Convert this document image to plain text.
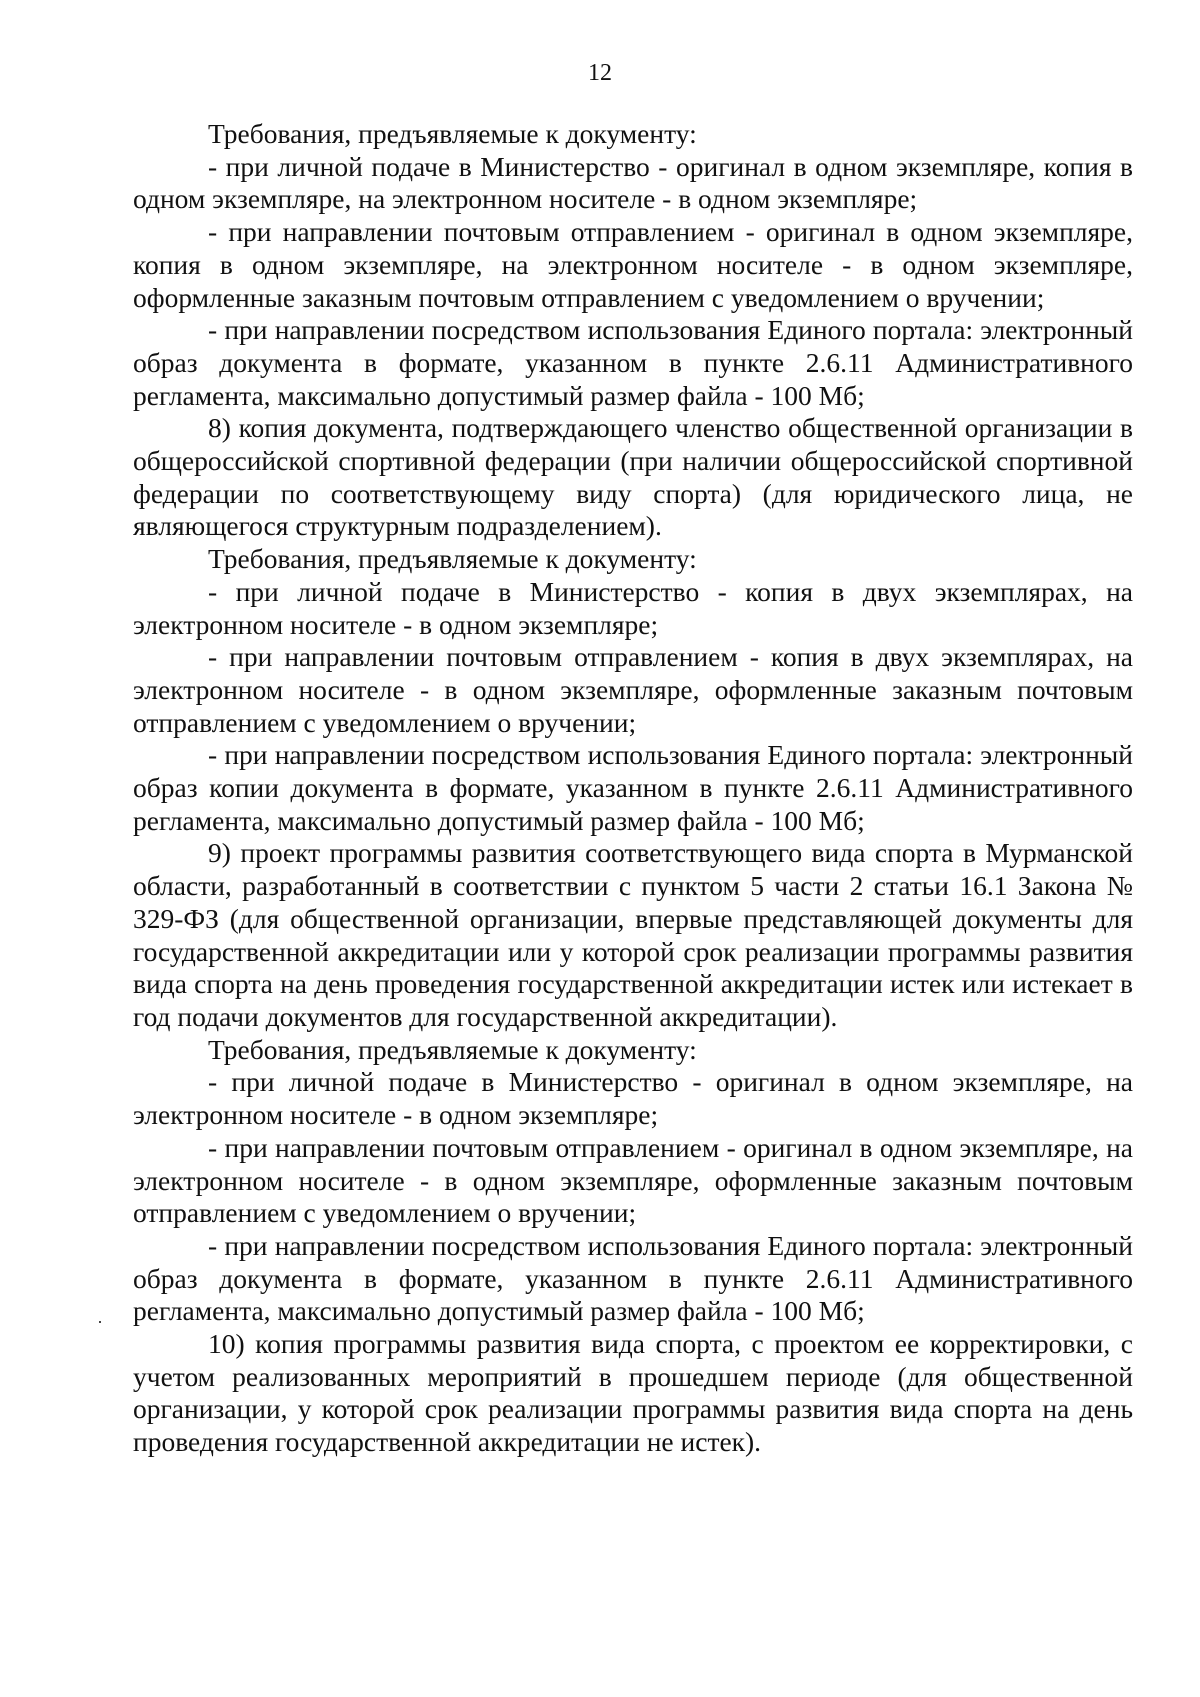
12

Требования, предъявляемые к документу:

- при личной подаче в Министерство - оригинал в одном экземпляре, копия в одном экземпляре, на электронном носителе - в одном экземпляре;

- при направлении почтовым отправлением - оригинал в одном экземпляре, копия в одном экземпляре, на электронном носителе - в одном экземпляре, оформленные заказным почтовым отправлением с уведомлением о вручении;

- при направлении посредством использования Единого портала: электронный образ документа в формате, указанном в пункте 2.6.11 Административного регламента, максимально допустимый размер файла - 100 Мб;

8) копия документа, подтверждающего членство общественной организации в общероссийской спортивной федерации (при наличии общероссийской спортивной федерации по соответствующему виду спорта) (для юридического лица, не являющегося структурным подразделением).

Требования, предъявляемые к документу:

- при личной подаче в Министерство - копия в двух экземплярах, на электронном носителе - в одном экземпляре;

- при направлении почтовым отправлением - копия в двух экземплярах, на электронном носителе - в одном экземпляре, оформленные заказным почтовым отправлением с уведомлением о вручении;

- при направлении посредством использования Единого портала: электронный образ копии документа в формате, указанном в пункте 2.6.11 Административного регламента, максимально допустимый размер файла - 100 Мб;

9) проект программы развития соответствующего вида спорта в Мурманской области, разработанный в соответствии с пунктом 5 части 2 статьи 16.1 Закона № 329-ФЗ (для общественной организации, впервые представляющей документы для государственной аккредитации или у которой срок реализации программы развития вида спорта на день проведения государственной аккредитации истек или истекает в год подачи документов для государственной аккредитации).

Требования, предъявляемые к документу:

- при личной подаче в Министерство - оригинал в одном экземпляре, на электронном носителе - в одном экземпляре;

- при направлении почтовым отправлением - оригинал в одном экземпляре, на электронном носителе - в одном экземпляре, оформленные заказным почтовым отправлением с уведомлением о вручении;

- при направлении посредством использования Единого портала: электронный образ документа в формате, указанном в пункте 2.6.11 Административного регламента, максимально допустимый размер файла - 100 Мб;

10) копия программы развития вида спорта, с проектом ее корректировки, с учетом реализованных мероприятий в прошедшем периоде (для общественной организации, у которой срок реализации программы развития вида спорта на день проведения государственной аккредитации не истек).
